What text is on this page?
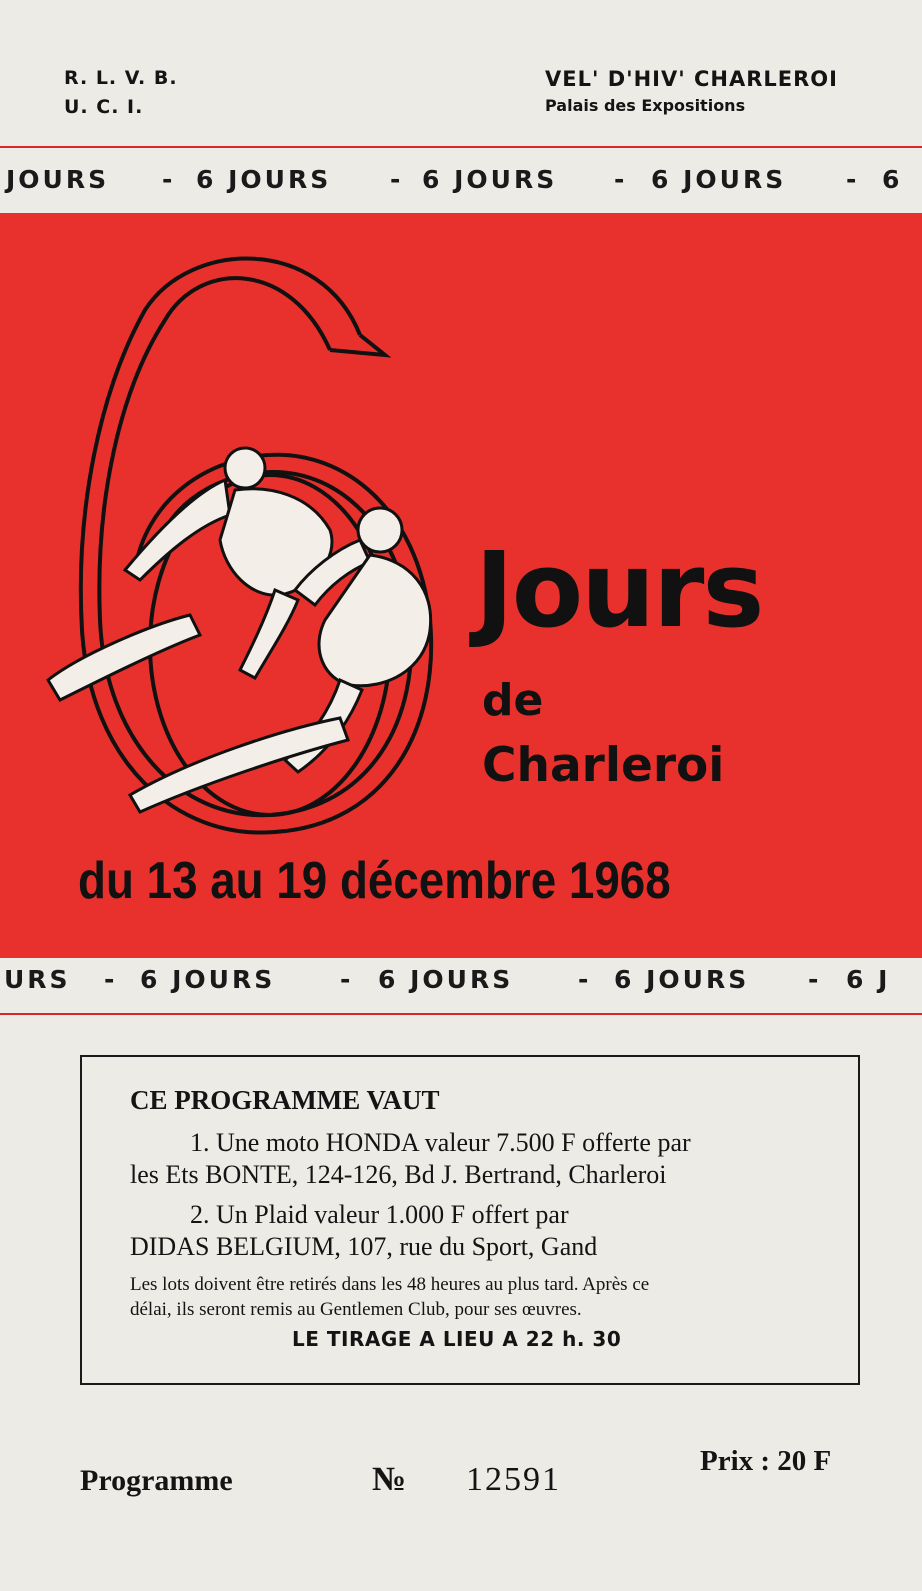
R. L. V. B.
U. C. I.
VEL' D'HIV' CHARLEROI
Palais des Expositions
JOURS - 6 JOURS - 6 JOURS - 6 JOURS - 6
Jours
de
Charleroi
du 13 au 19 décembre 1968
URS - 6 JOURS	- 6 JOURS	- 6 JOURS - 6 J
CE PROGRAMME VAUT
1. Une moto HONDA valeur 7.500 F offerte par
les Ets BONTE, 124-126, Bd J. Bertrand, Charleroi
2. Un Plaid valeur 1.000 F offert par
DIDAS BELGIUM, 107, rue du Sport, Gand
Les lots doivent être retirés dans les 48 heures au plus tard. Après ce
délai, ils seront remis au Gentlemen Club, pour ses œuvres.
LE TIRAGE A LIEU A 22 h. 30
Programme	№ 12591	Prix : 20 F
